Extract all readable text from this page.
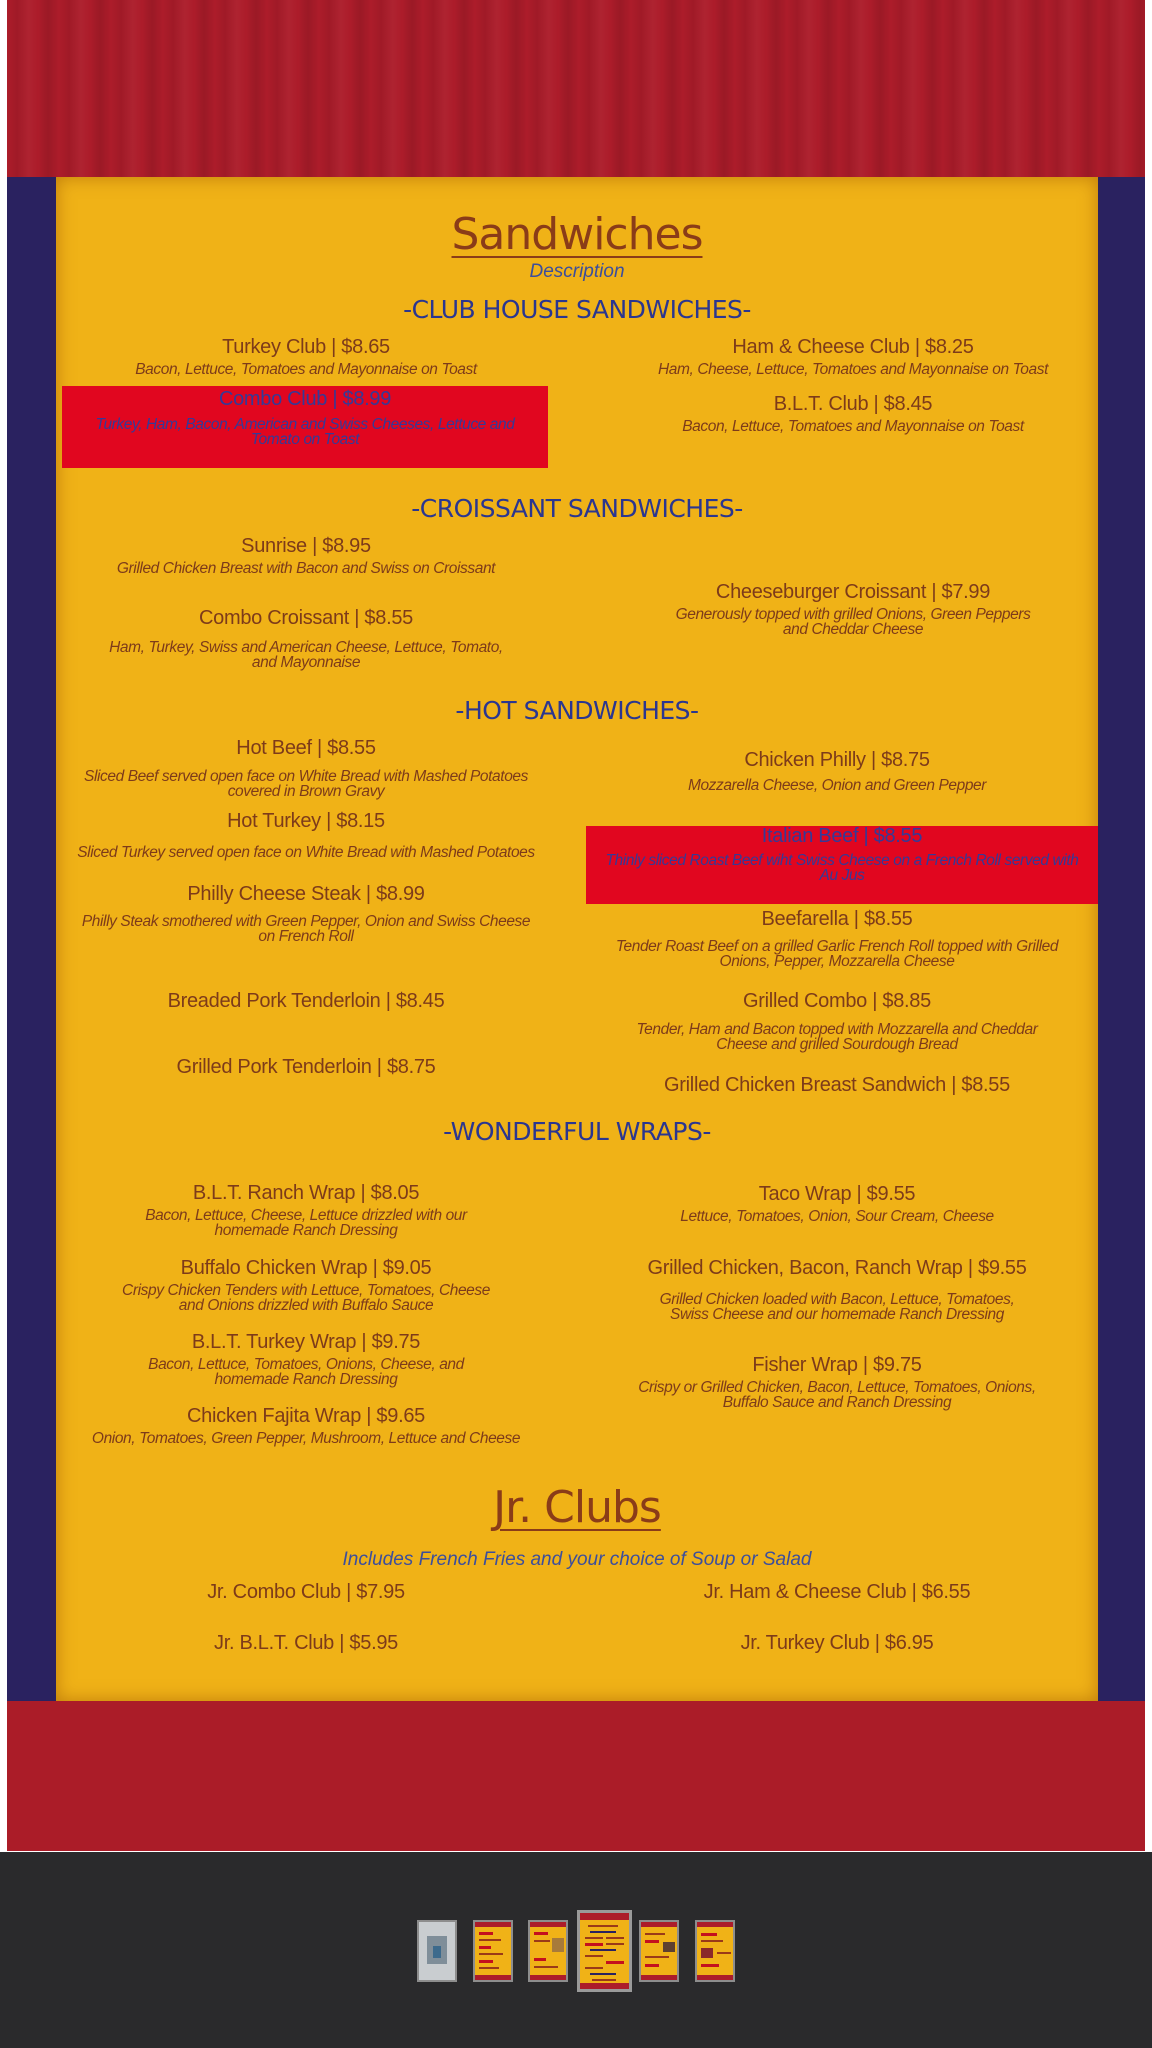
Sandwiches
Description
-CLUB HOUSE SANDWICHES-
Turkey Club | $8.65
Bacon, Lettuce, Tomatoes and Mayonnaise on Toast
Ham & Cheese Club | $8.25
Ham, Cheese, Lettuce, Tomatoes and Mayonnaise on Toast
Combo Club | $8.99
Turkey, Ham, Bacon, American and Swiss Cheeses, Lettuce and
Tomato on Toast
B.L.T. Club | $8.45
Bacon, Lettuce, Tomatoes and Mayonnaise on Toast
-CROISSANT SANDWICHES-
Sunrise | $8.95
Grilled Chicken Breast with Bacon and Swiss on Croissant
Cheeseburger Croissant | $7.99
Generously topped with grilled Onions, Green Peppers
and Cheddar Cheese
Combo Croissant | $8.55
Ham, Turkey, Swiss and American Cheese, Lettuce, Tomato,
and Mayonnaise
-HOT SANDWICHES-
Hot Beef | $8.55
Sliced Beef served open face on White Bread with Mashed Potatoes
covered in Brown Gravy
Chicken Philly | $8.75
Mozzarella Cheese, Onion and Green Pepper
Hot Turkey | $8.15
Sliced Turkey served open face on White Bread with Mashed Potatoes
Italian Beef | $8.55
Thinly sliced Roast Beef wiht Swiss Cheese on a French Roll served with
Au Jus
Philly Cheese Steak | $8.99
Philly Steak smothered with Green Pepper, Onion and Swiss Cheese
on French Roll
Beefarella | $8.55
Tender Roast Beef on a grilled Garlic French Roll topped with Grilled
Onions, Pepper, Mozzarella Cheese
Breaded Pork Tenderloin | $8.45	Grilled Combo | $8.85
Tender, Ham and Bacon topped with Mozzarella and Cheddar
Cheese and grilled Sourdough Bread
Grilled Pork Tenderloin | $8.75
Grilled Chicken Breast Sandwich | $8.55
-WONDERFUL WRAPS-
B.L.T. Ranch Wrap | $8.05
Bacon, Lettuce, Cheese, Lettuce drizzled with our
homemade Ranch Dressing
Taco Wrap | $9.55
Lettuce, Tomatoes, Onion, Sour Cream, Cheese
Buffalo Chicken Wrap | $9.05
Crispy Chicken Tenders with Lettuce, Tomatoes, Cheese
and Onions drizzled with Buffalo Sauce
Grilled Chicken, Bacon, Ranch Wrap | $9.55
Grilled Chicken loaded with Bacon, Lettuce, Tomatoes,
Swiss Cheese and our homemade Ranch Dressing
B.L.T. Turkey Wrap | $9.75
Bacon, Lettuce, Tomatoes, Onions, Cheese, and
homemade Ranch Dressing
Fisher Wrap | $9.75
Crispy or Grilled Chicken, Bacon, Lettuce, Tomatoes, Onions,
Buffalo Sauce and Ranch Dressing
Chicken Fajita Wrap | $9.65
Onion, Tomatoes, Green Pepper, Mushroom, Lettuce and Cheese
Jr. Clubs
Includes French Fries and your choice of Soup or Salad
Jr. Combo Club | $7.95	Jr. Ham & Cheese Club | $6.55
Jr. B.L.T. Club | $5.95	Jr. Turkey Club | $6.95
